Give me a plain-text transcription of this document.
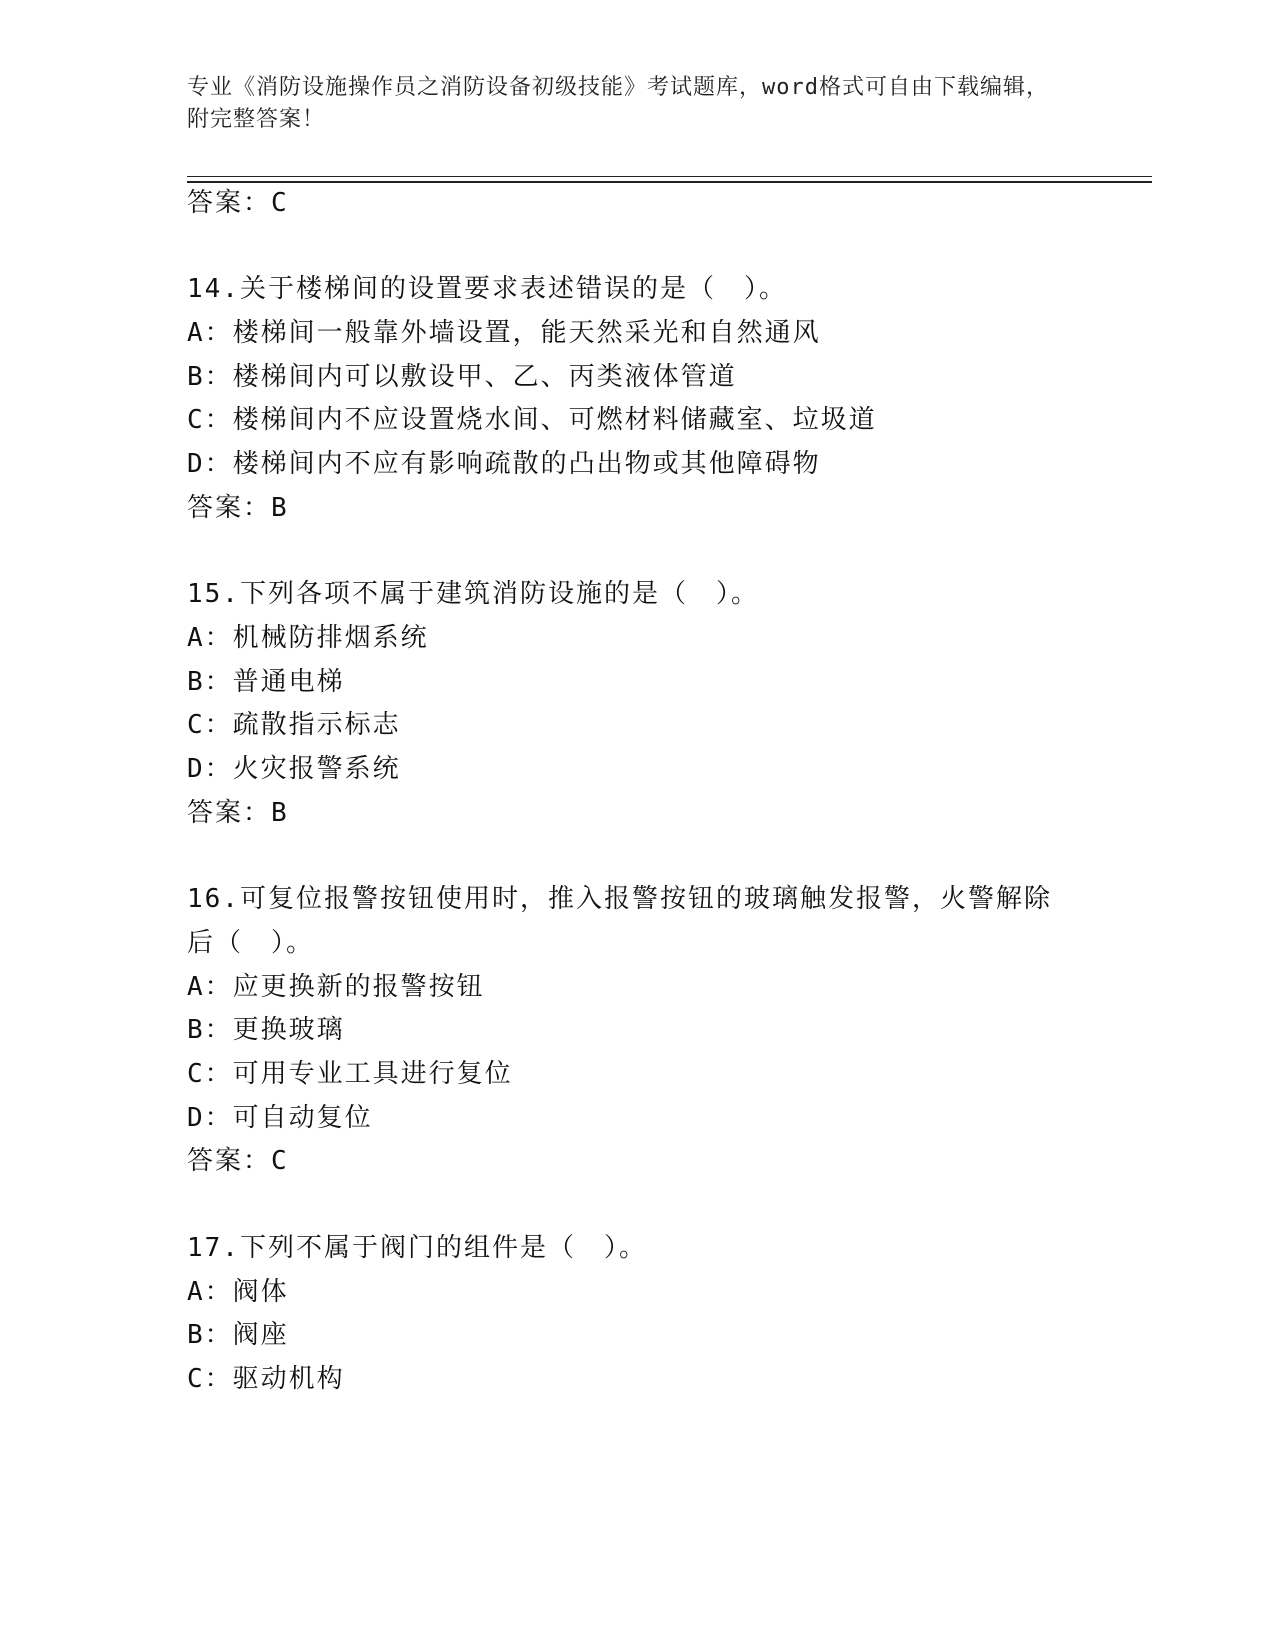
专业《消防设施操作员之消防设备初级技能》考试题库，word格式可自由下载编辑，附完整答案！
答案：C
14.关于楼梯间的设置要求表述错误的是（　）。
A：楼梯间一般靠外墙设置，能天然采光和自然通风
B：楼梯间内可以敷设甲、乙、丙类液体管道
C：楼梯间内不应设置烧水间、可燃材料储藏室、垃圾道
D：楼梯间内不应有影响疏散的凸出物或其他障碍物
答案：B
15.下列各项不属于建筑消防设施的是（　）。
A：机械防排烟系统
B：普通电梯
C：疏散指示标志
D：火灾报警系统
答案：B
16.可复位报警按钮使用时，推入报警按钮的玻璃触发报警，火警解除
后（　）。
A：应更换新的报警按钮
B：更换玻璃
C：可用专业工具进行复位
D：可自动复位
答案：C
17.下列不属于阀门的组件是（　）。
A：阀体
B：阀座
C：驱动机构
